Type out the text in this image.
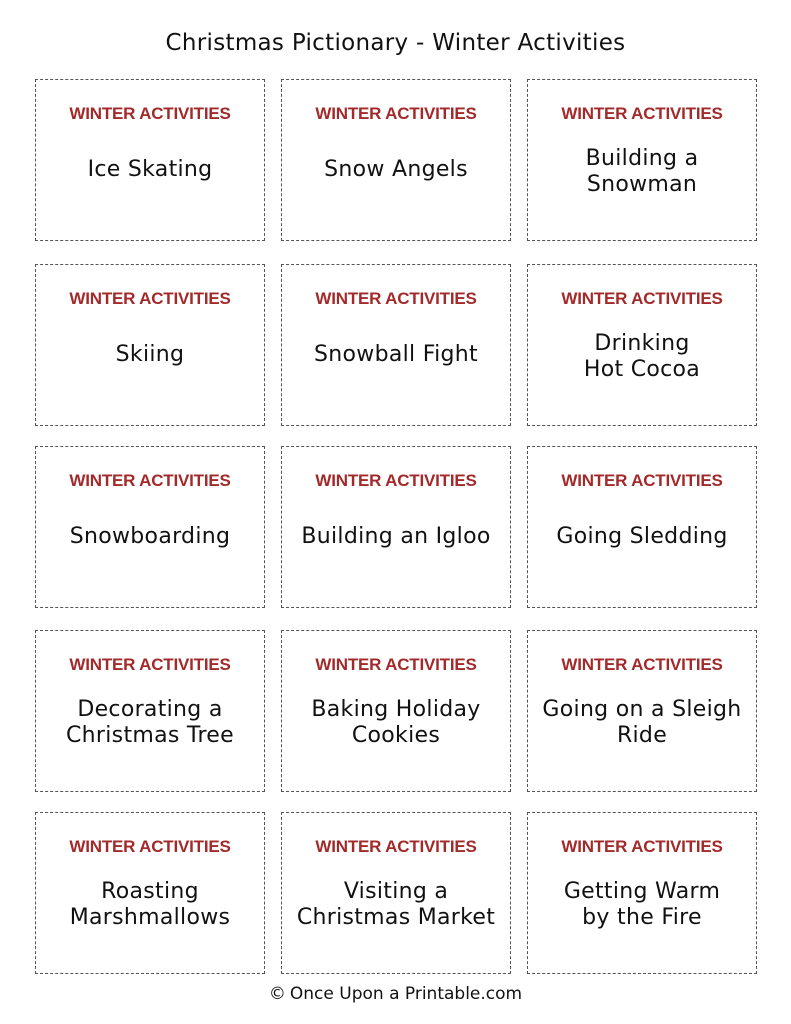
Christmas Pictionary - Winter Activities
WINTER ACTIVITIES
Ice Skating
WINTER ACTIVITIES
Snow Angels
WINTER ACTIVITIES
Building a
Snowman
WINTER ACTIVITIES
Skiing
WINTER ACTIVITIES
Snowball Fight
WINTER ACTIVITIES
Drinking
Hot Cocoa
WINTER ACTIVITIES
Snowboarding
WINTER ACTIVITIES
Building an Igloo
WINTER ACTIVITIES
Going Sledding
WINTER ACTIVITIES
Decorating a
Christmas Tree
WINTER ACTIVITIES
Baking Holiday
Cookies
WINTER ACTIVITIES
Going on a Sleigh
Ride
WINTER ACTIVITIES
Roasting
Marshmallows
WINTER ACTIVITIES
Visiting a
Christmas Market
WINTER ACTIVITIES
Getting Warm
by the Fire
© Once Upon a Printable.com
